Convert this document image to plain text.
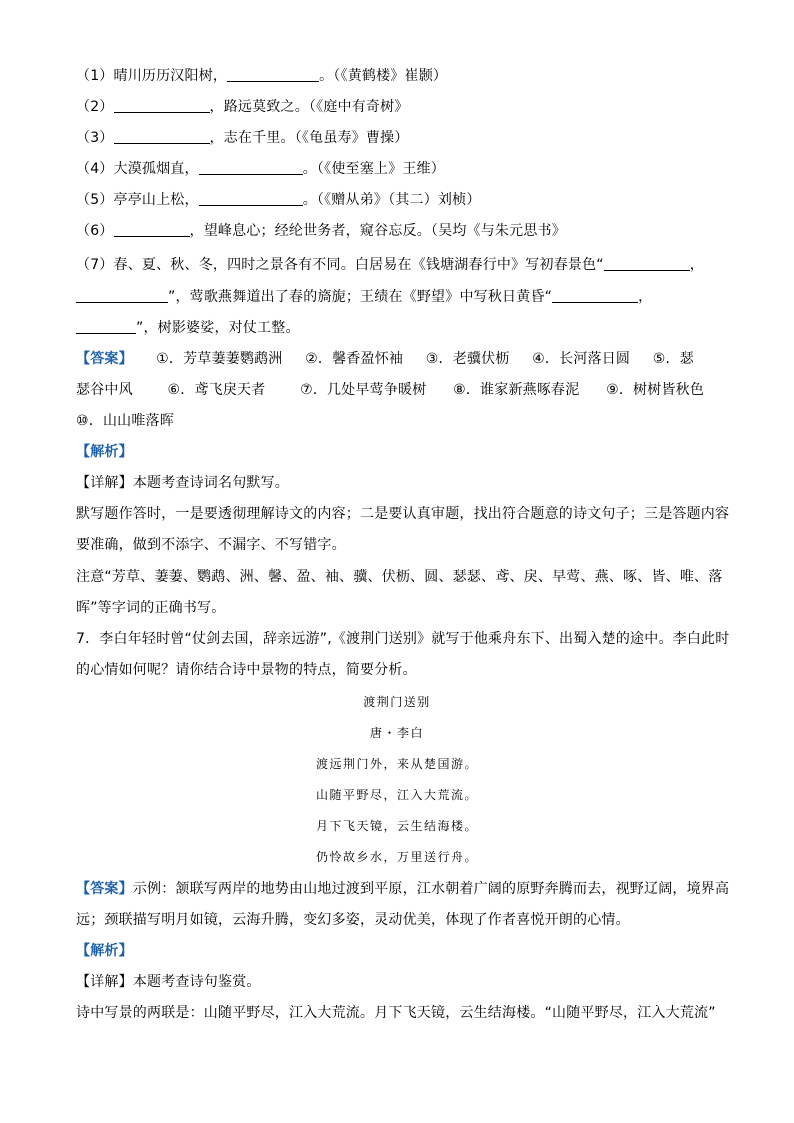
（1）晴川历历汉阳树，	。（《黄鹤楼》崔颢）
（2）	，路远莫致之。（《庭中有奇树》
（3）	，志在千里。（《龟虽寿》曹操）
（4）大漠孤烟直，	。（《使至塞上》王维）
（5）亭亭山上松，	。（《赠从弟》（其二）刘桢）
（6）	，望峰息心；经纶世务者，窥谷忘反。（吴均《与朱元思书》
（7）春、夏、秋、冬，四时之景各有不同。白居易在《钱塘湖春行中》写初春景色“	，
”，莺歌燕舞道出了春的旖旎；王绩在《野望》中写秋日黄昏“	，
”，树影婆娑，对仗工整。
【答案】 ①．芳草萋萋鹦鹉洲 ②．馨香盈怀袖 ③．老骥伏枥 ④．长河落日圆 ⑤．瑟
瑟谷中风 ⑥．鸢飞戾天者 ⑦．几处早莺争暖树 ⑧．谁家新燕啄春泥 ⑨．树树皆秋色
⑩．山山唯落晖
【解析】
【详解】本题考查诗词名句默写。
默写题作答时，一是要透彻理解诗文的内容；二是要认真审题，找出符合题意的诗文句子；三是答题内容
要准确，做到不添字、不漏字、不写错字。
注意“芳草、萋萋、鹦鹉、洲、馨、盈、袖、骥、伏枥、圆、瑟瑟、鸢、戾、早莺、燕、啄、皆、唯、落
晖”等字词的正确书写。
7．李白年轻时曾“仗剑去国，辞亲远游”,《渡荆门送别》就写于他乘舟东下、出蜀入楚的途中。李白此时
的心情如何呢？请你结合诗中景物的特点，简要分析。
渡荆门送别
唐・李白
渡远荆门外，来从楚国游。
山随平野尽，江入大荒流。
月下飞天镜，云生结海楼。
仍怜故乡水，万里送行舟。
【答案】示例：颔联写两岸的地势由山地过渡到平原，江水朝着广阔的原野奔腾而去，视野辽阔，境界高
远；颈联描写明月如镜，云海升腾，变幻多姿，灵动优美，体现了作者喜悦开朗的心情。
【解析】
【详解】本题考查诗句鉴赏。
诗中写景的两联是：山随平野尽，江入大荒流。月下飞天镜，云生结海楼。“山随平野尽，江入大荒流”
